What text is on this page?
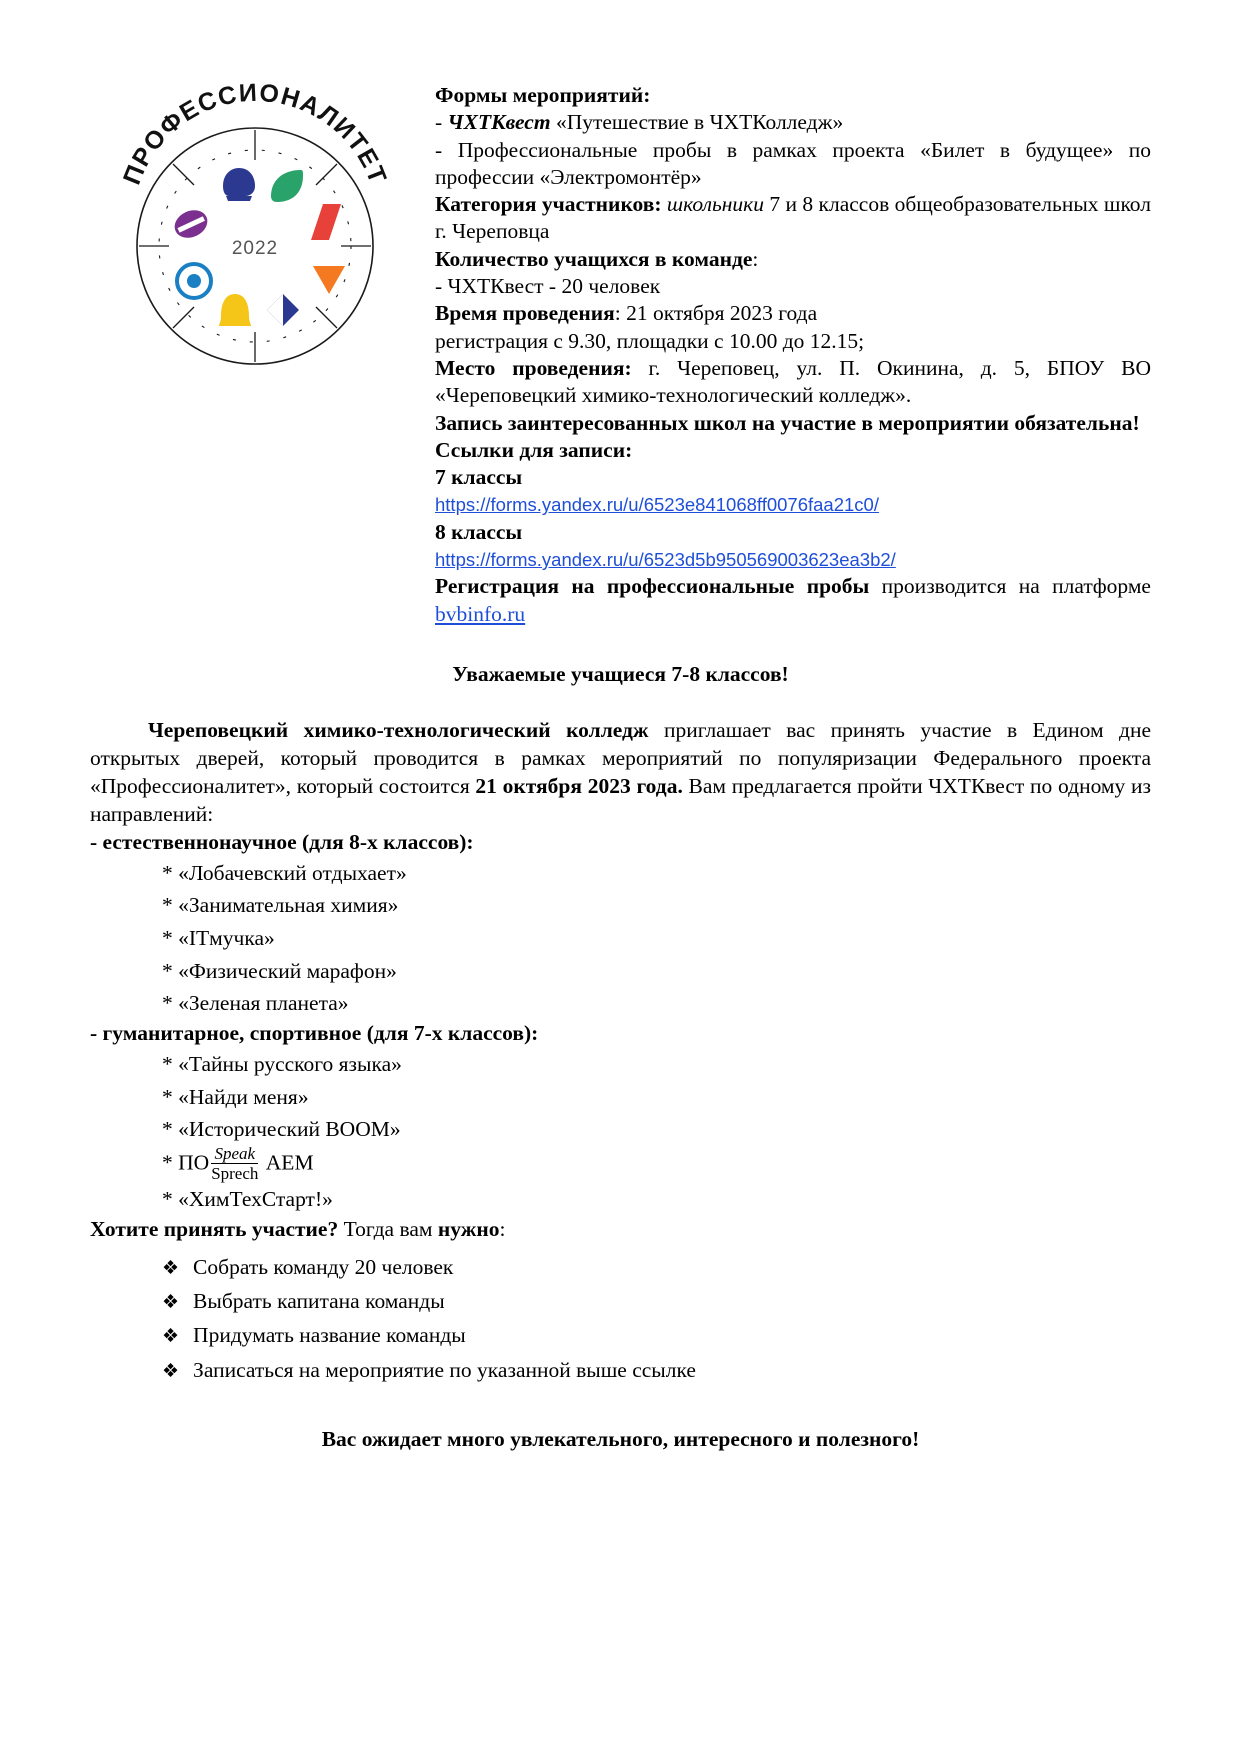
ПРОФЕССИОНАЛИТЕТ
2022

Формы мероприятий:

- ЧХТКвест «Путешествие в ЧХТКолледж»

- Профессиональные пробы в рамках проекта «Билет в будущее» по профессии «Электромонтёр»

Категория участников: школьники 7 и 8 классов общеобразовательных школ г. Череповца

Количество учащихся в команде:

- ЧХТКвест - 20 человек

Время проведения: 21 октября 2023 года

регистрация с 9.30, площадки с 10.00 до 12.15;

Место проведения: г. Череповец, ул. П. Окинина, д. 5, БПОУ ВО «Череповецкий химико-технологический колледж».

Запись заинтересованных школ на участие в мероприятии обязательна!

Ссылки для записи:

7 классы

https://forms.yandex.ru/u/6523e841068ff0076faa21c0/

8 классы

https://forms.yandex.ru/u/6523d5b950569003623ea3b2/

Регистрация на профессиональные пробы производится на платформе bvbinfo.ru

Уважаемые учащиеся 7-8 классов!

Череповецкий химико-технологический колледж приглашает вас принять участие в Едином дне открытых дверей, который проводится в рамках мероприятий по популяризации Федерального проекта «Профессионалитет», который состоится 21 октября 2023 года. Вам предлагается пройти ЧХТКвест по одному из направлений:

- естественнонаучное (для 8-х классов):

* «Лобачевский отдыхает»
* «Занимательная химия»
* «ITмучка»
* «Физический марафон»
* «Зеленая планета»

- гуманитарное, спортивное (для 7-х классов):

* «Тайны русского языка»
* «Найди меня»
* «Исторический BOOM»
* ПО $\frac{\text{Speak}}{\text{Sprech}}$ АЕМ
* «ХимТехСтарт!»

Хотите принять участие? Тогда вам нужно:

❖ Собрать команду 20 человек
❖ Выбрать капитана команды
❖ Придумать название команды
❖ Записаться на мероприятие по указанной выше ссылке
Вас ожидает много увлекательного, интересного и полезного!
